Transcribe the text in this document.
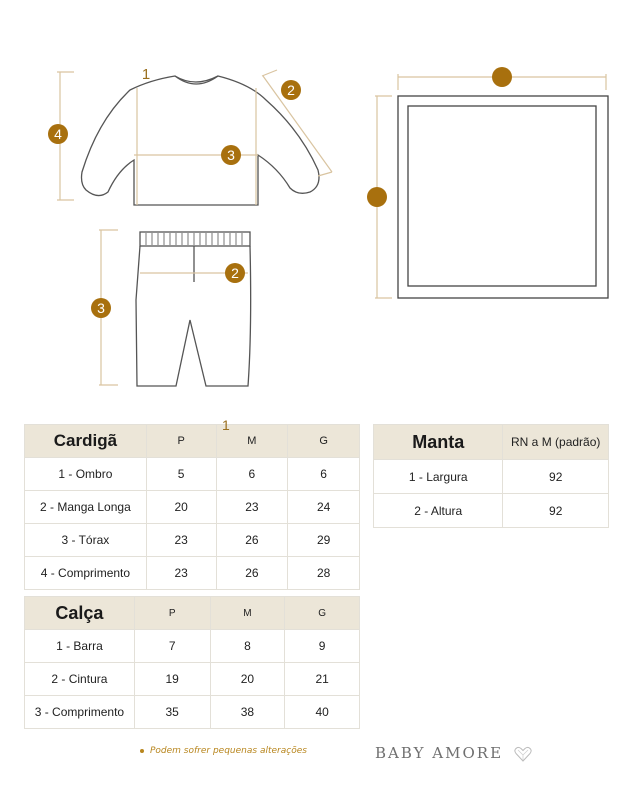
2
3
4
1
2
3
Cardigã	P	M	G
1 - Ombro	5	6	6
2 - Manga Longa	20	23	24
3 - Tórax	23	26	29
4 - Comprimento	23	26	28
1
Calça	P	M	G
1 - Barra	7	8	9
2 - Cintura	19	20	21
3 - Comprimento	35	38	40
Manta	RN a M (padrão)
1 - Largura	92
2 - Altura	92
Podem sofrer pequenas alterações	BABY AMORE
